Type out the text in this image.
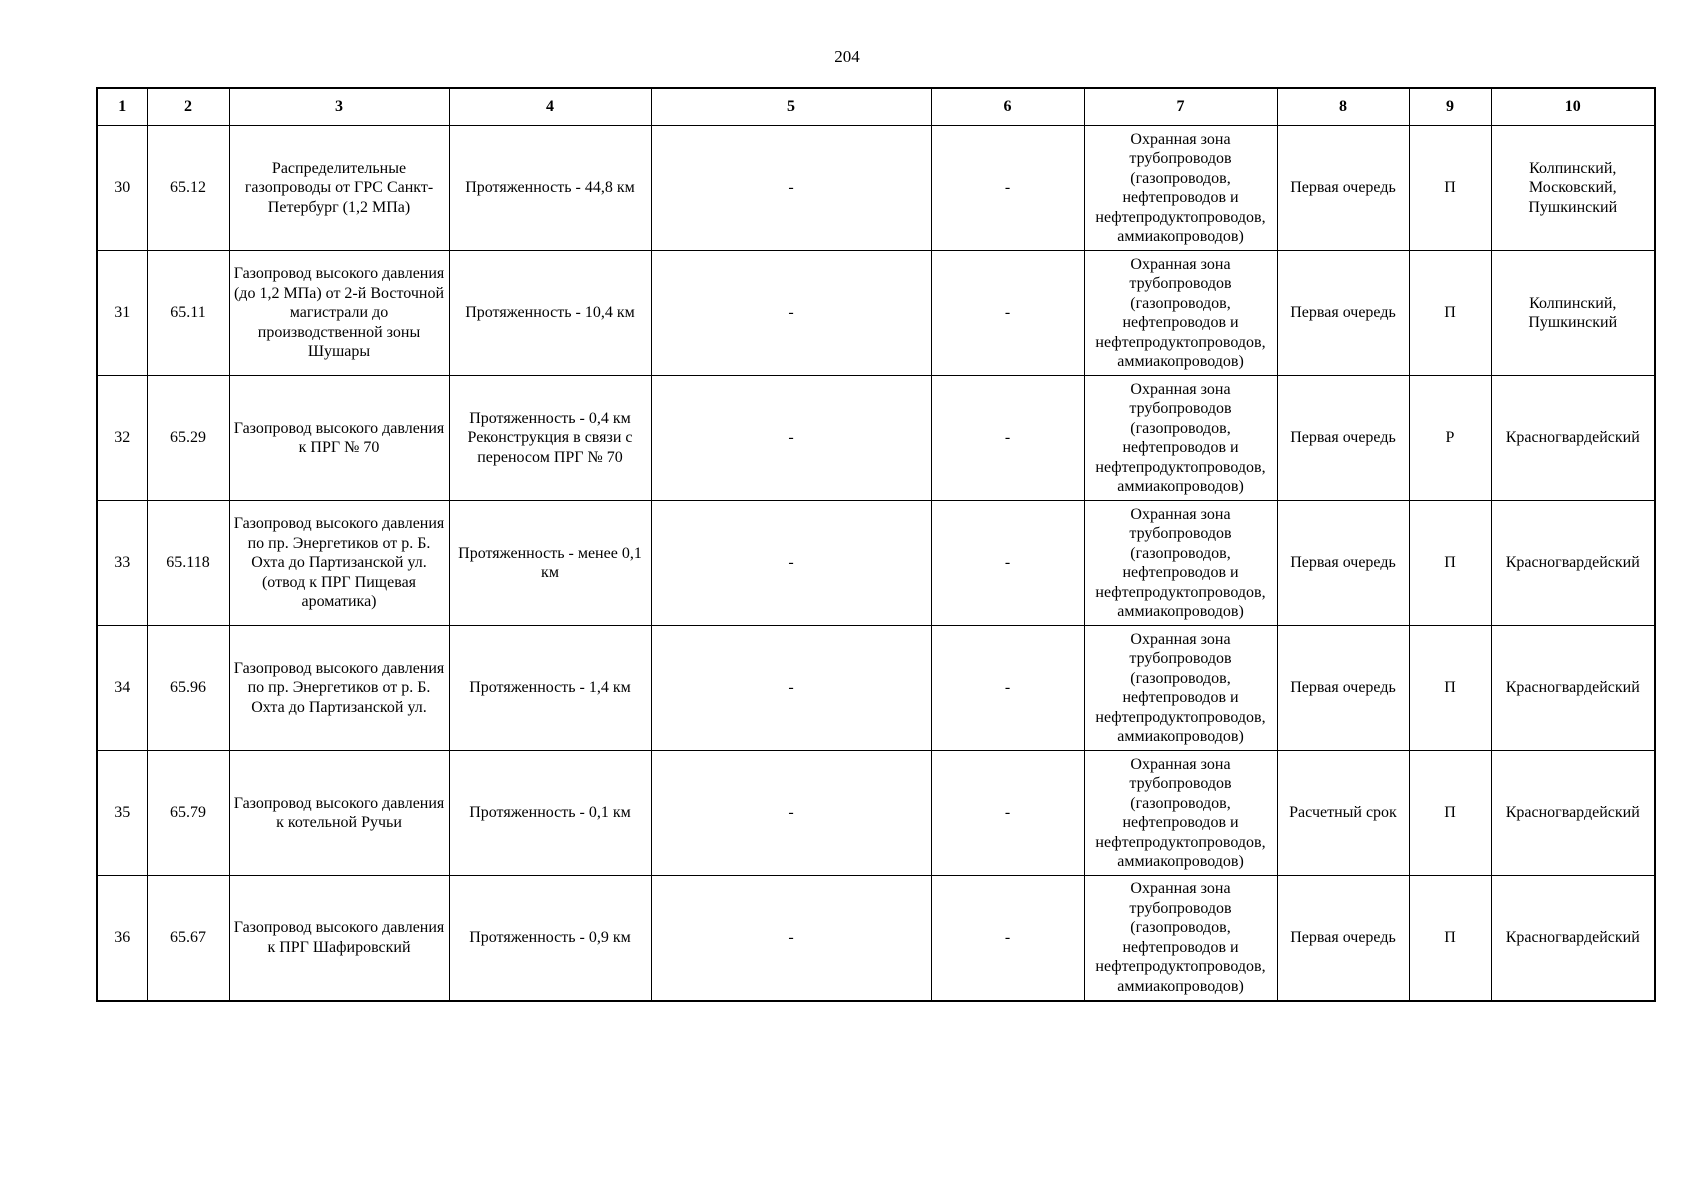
204
1	2	3	4	5	6	7	8	9	10
30	65.12	Распределительные газопроводы от ГРС Санкт-Петербург (1,2 МПа)	Протяженность - 44,8 км	-	-	Охранная зона трубопроводов (газопроводов, нефтепроводов и нефтепродуктопроводов, аммиакопроводов)	Первая очередь	П	Колпинский, Московский, Пушкинский
31	65.11	Газопровод высокого давления (до 1,2 МПа) от 2-й Восточной магистрали до производственной зоны Шушары	Протяженность - 10,4 км	-	-	Охранная зона трубопроводов (газопроводов, нефтепроводов и нефтепродуктопроводов, аммиакопроводов)	Первая очередь	П	Колпинский, Пушкинский
32	65.29	Газопровод высокого давления к ПРГ № 70	Протяженность - 0,4 км Реконструкция в связи с переносом ПРГ № 70	-	-	Охранная зона трубопроводов (газопроводов, нефтепроводов и нефтепродуктопроводов, аммиакопроводов)	Первая очередь	Р	Красногвардейский
33	65.118	Газопровод высокого давления по пр. Энергетиков от р. Б. Охта до Партизанской ул. (отвод к ПРГ Пищевая ароматика)	Протяженность - менее 0,1 км	-	-	Охранная зона трубопроводов (газопроводов, нефтепроводов и нефтепродуктопроводов, аммиакопроводов)	Первая очередь	П	Красногвардейский
34	65.96	Газопровод высокого давления по пр. Энергетиков от р. Б. Охта до Партизанской ул.	Протяженность - 1,4 км	-	-	Охранная зона трубопроводов (газопроводов, нефтепроводов и нефтепродуктопроводов, аммиакопроводов)	Первая очередь	П	Красногвардейский
35	65.79	Газопровод высокого давления к котельной Ручьи	Протяженность - 0,1 км	-	-	Охранная зона трубопроводов (газопроводов, нефтепроводов и нефтепродуктопроводов, аммиакопроводов)	Расчетный срок	П	Красногвардейский
36	65.67	Газопровод высокого давления к ПРГ Шафировский	Протяженность - 0,9 км	-	-	Охранная зона трубопроводов (газопроводов, нефтепроводов и нефтепродуктопроводов, аммиакопроводов)	Первая очередь	П	Красногвардейский
